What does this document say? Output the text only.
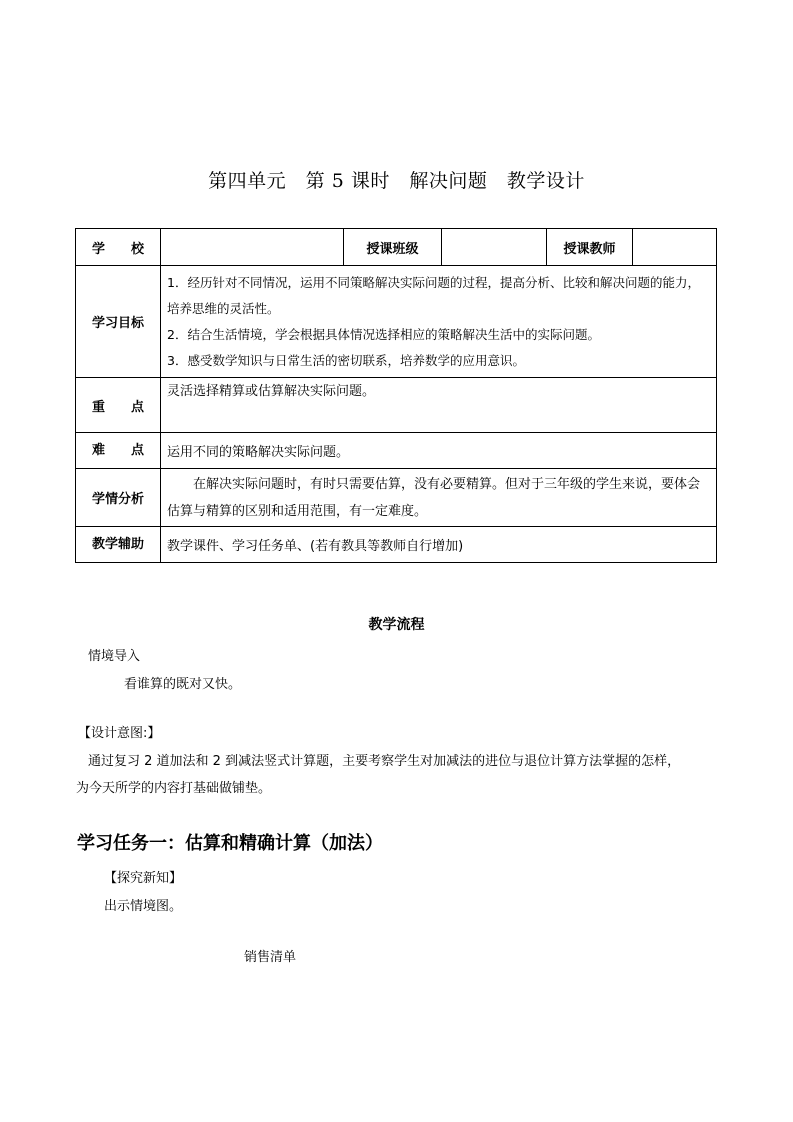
第四单元　第 5 课时　解决问题　教学设计
学　　校		授课班级		授课教师	
学习目标	1．经历针对不同情况，运用不同策略解决实际问题的过程，提高分析、比较和解决问题的能力，培养思维的灵活性。
2．结合生活情境，学会根据具体情况选择相应的策略解决生活中的实际问题。
3．感受数学知识与日常生活的密切联系，培养数学的应用意识。				

重　　点	灵活选择精算或估算解决实际问题。				
难　　点	运用不同的策略解决实际问题。				
学情分析	在解决实际问题时，有时只需要估算，没有必要精算。但对于三年级的学生来说，要体会估算与精算的区别和适用范围，有一定难度。				
教学辅助	教学课件、学习任务单、(若有教具等教师自行增加)				
教学流程
情境导入
看谁算的既对又快。
【设计意图:】
通过复习 2 道加法和 2 到减法竖式计算题，主要考察学生对加减法的进位与退位计算方法掌握的怎样，
为今天所学的内容打基础做铺垫。
学习任务一：估算和精确计算（加法）
【探究新知】
出示情境图。
销售清单
